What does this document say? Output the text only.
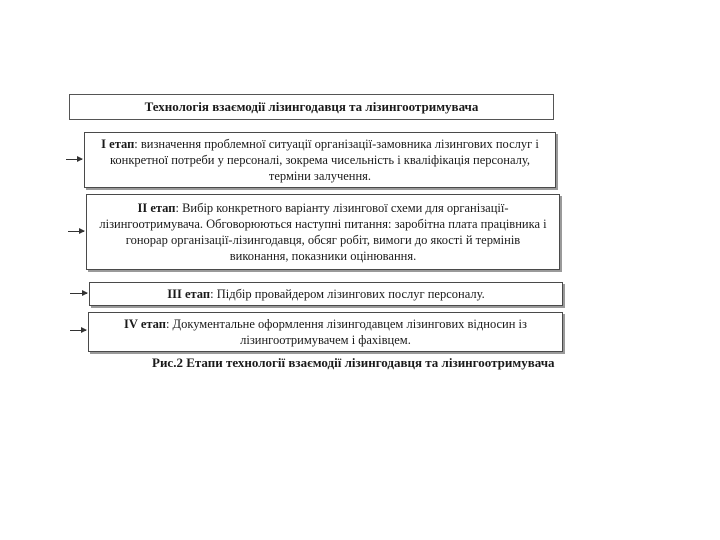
Технологія взаємодії лізингодавця та лізингоотримувача
I етап: визначення проблемної ситуації організації-замовника лізингових послуг і конкретної потреби у персоналі, зокрема чисельність і кваліфікація персоналу, терміни залучення.
II етап: Вибір конкретного варіанту лізингової схеми для організації-лізингоотримувача. Обговорюються наступні питання: заробітна плата працівника і гонорар організації-лізингодавця, обсяг робіт, вимоги до якості й термінів виконання, показники оцінювання.
III етап: Підбір провайдером лізингових послуг персоналу.
IV етап: Документальне оформлення лізингодавцем лізингових відносин із лізингоотримувачем і фахівцем.
Рис.2 Етапи технології взаємодії лізингодавця та лізингоотримувача
